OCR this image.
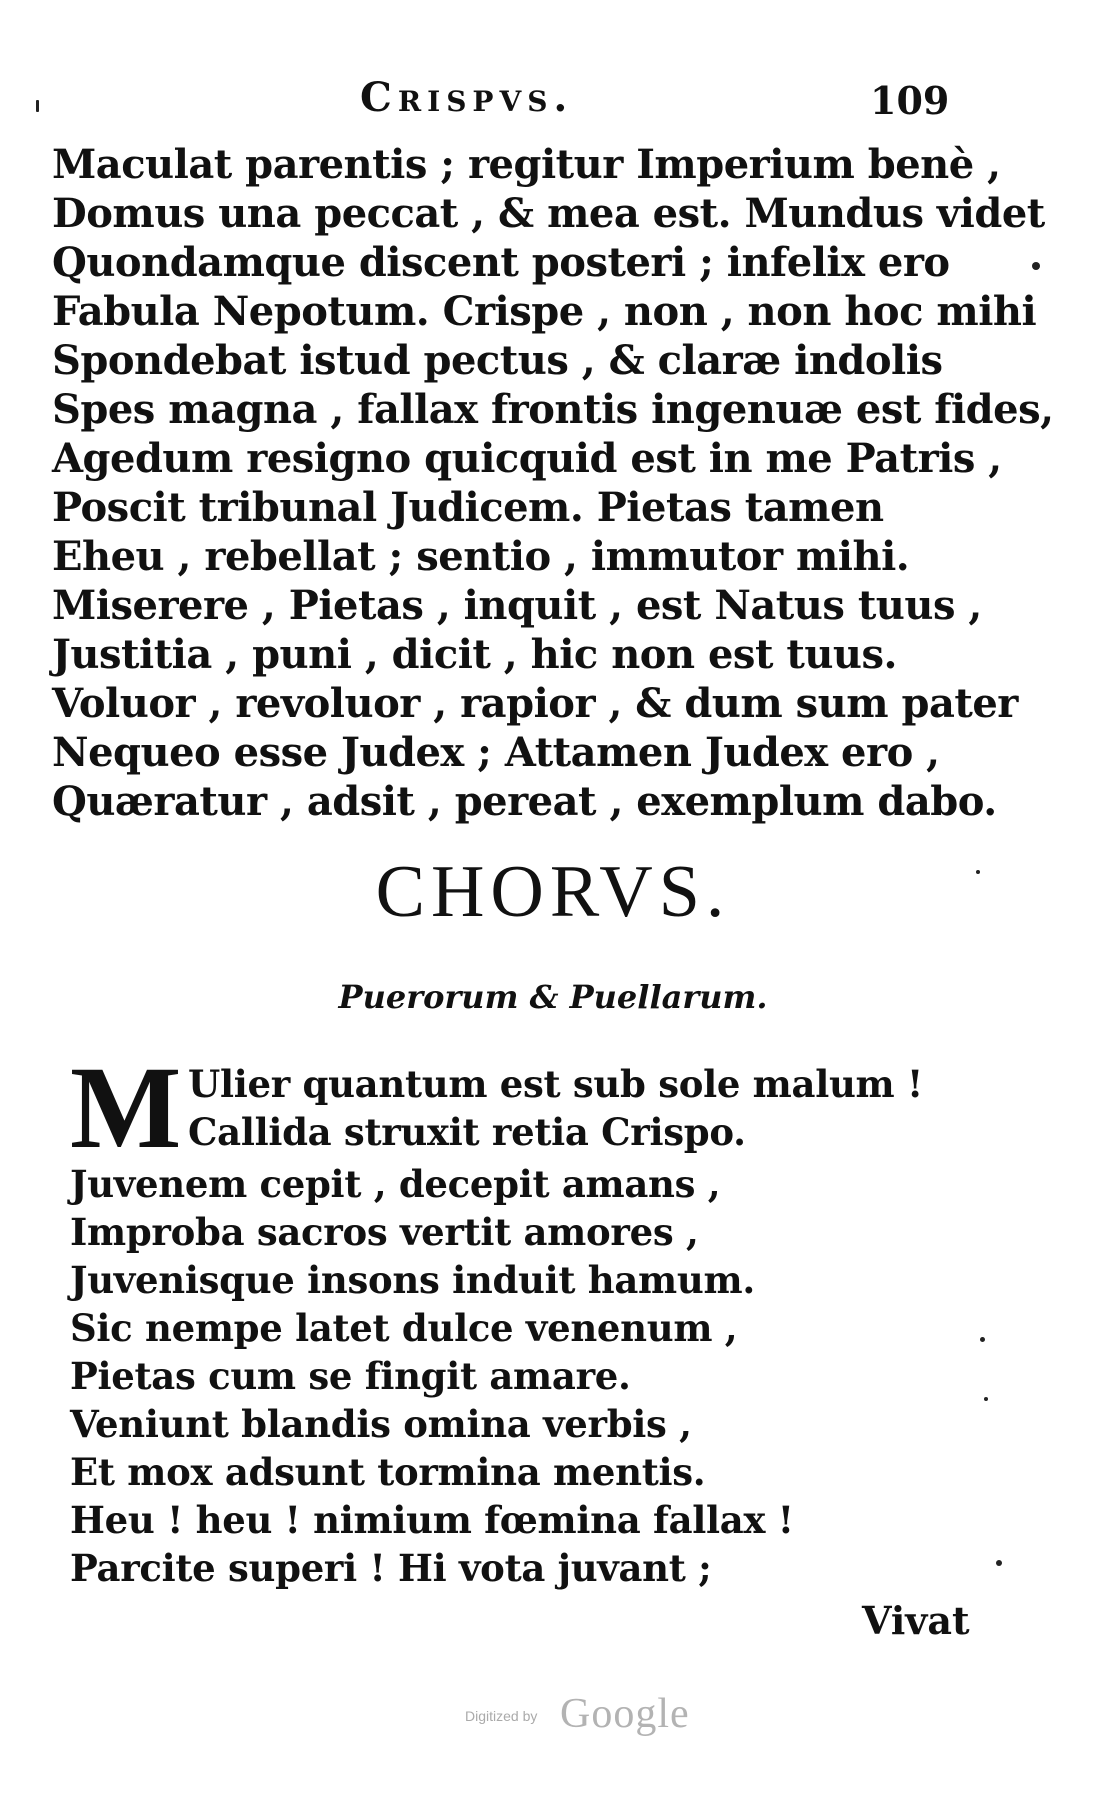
Crispvs.	109
Maculat parentis ; regitur Imperium benè ,
Domus una peccat , & mea est. Mundus videt
Quondamque discent posteri ; infelix ero
Fabula Nepotum. Crispe , non , non hoc mihi
Spondebat istud pectus , & claræ indolis
Spes magna , fallax frontis ingenuæ est fides,
Agedum resigno quicquid est in me Patris ,
Poscit tribunal Judicem. Pietas tamen
Eheu , rebellat ; sentio , immutor mihi.
Miserere , Pietas , inquit , est Natus tuus ,
Justitia , puni , dicit , hic non est tuus.
Voluor , revoluor , rapior , & dum sum pater
Nequeo esse Judex ; Attamen Judex ero ,
Quæratur , adsit , pereat , exemplum dabo.
CHORVS.
Puerorum & Puellarum.
M Ulier quantum est sub sole malum !
Callida struxit retia Crispo.
Juvenem cepit , decepit amans ,
Improba sacros vertit amores ,
Juvenisque insons induit hamum.
Sic nempe latet dulce venenum ,
Pietas cum se fingit amare.
Veniunt blandis omina verbis ,
Et mox adsunt tormina mentis.
Heu ! heu ! nimium fœmina fallax !
Parcite superi ! Hi vota juvant ;
Vivat
Digitized by Google
